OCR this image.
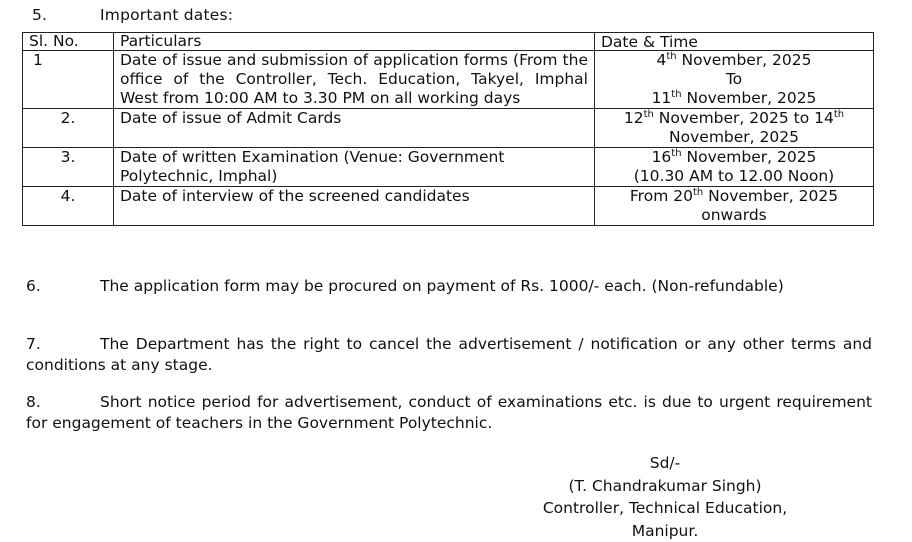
5.	Important dates:
Sl. No.	Particulars	Date & Time
1	Date of issue and submission of application forms (From the office of the Controller, Tech. Education, Takyel, Imphal West from 10:00 AM to 3.30 PM on all working days	4th November, 2025
To
11th November, 2025

2.	Date of issue of Admit Cards	12th November, 2025 to 14th
November, 2025

3.	Date of written Examination (Venue: Government Polytechnic, Imphal)	16th November, 2025
(10.30 AM to 12.00 Noon)

4.	Date of interview of the screened candidates	From 20th November, 2025
onwards
6.	The application form may be procured on payment of Rs. 1000/- each. (Non-refundable)
7.	The Department has the right to cancel the advertisement / notification or any other terms and conditions at any stage.
8.	Short notice period for advertisement, conduct of examinations etc. is due to urgent requirement for engagement of teachers in the Government Polytechnic.
Sd/-
(T. Chandrakumar Singh)
Controller, Technical Education,
Manipur.
